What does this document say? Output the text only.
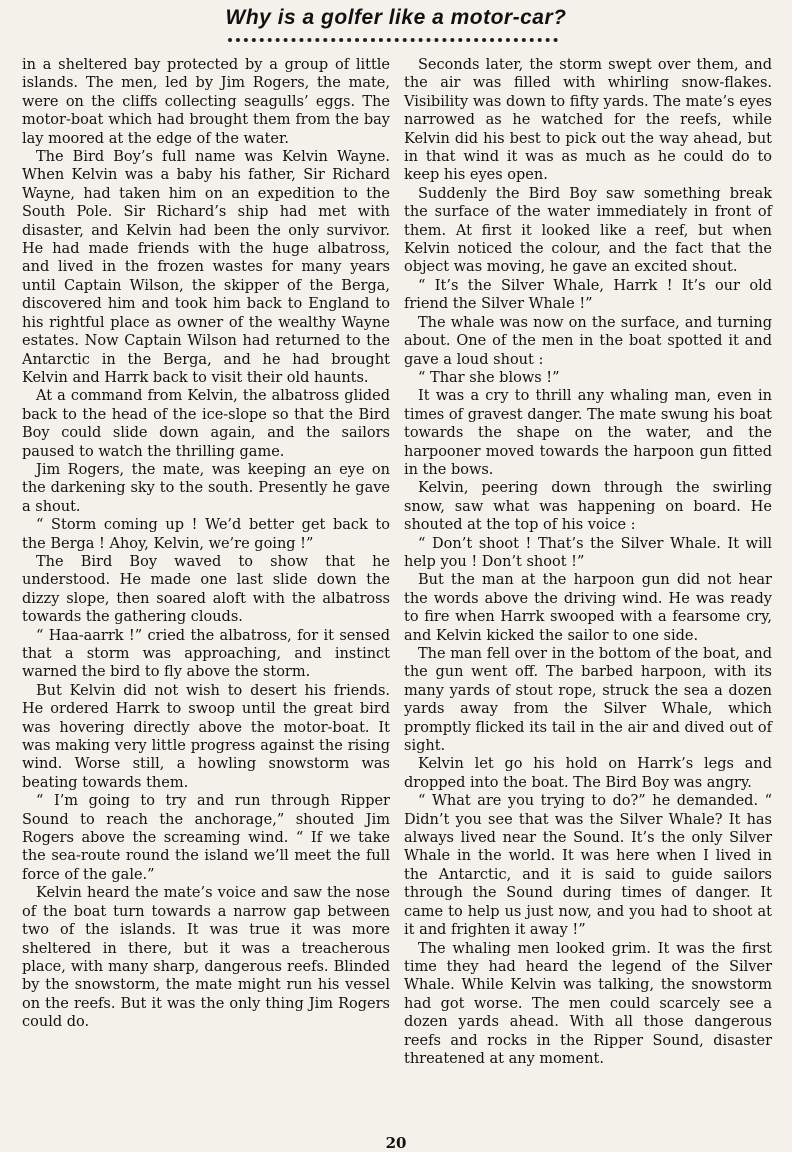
Why is a golfer like a motor-car?

in a sheltered bay protected by a group of little islands. The men, led by Jim Rogers, the mate, were on the cliffs collecting seagulls’ eggs. The motor-boat which had brought them from the bay lay moored at the edge of the water.

The Bird Boy’s full name was Kelvin Wayne. When Kelvin was a baby his father, Sir Richard Wayne, had taken him on an expedition to the South Pole. Sir Richard’s ship had met with disaster, and Kelvin had been the only survivor. He had made friends with the huge albatross, and lived in the frozen wastes for many years until Captain Wilson, the skipper of the Berga, discovered him and took him back to England to his rightful place as owner of the wealthy Wayne estates. Now Captain Wilson had returned to the Antarctic in the Berga, and he had brought Kelvin and Harrk back to visit their old haunts.

At a command from Kelvin, the albatross glided back to the head of the ice-slope so that the Bird Boy could slide down again, and the sailors paused to watch the thrilling game.

Jim Rogers, the mate, was keeping an eye on the darkening sky to the south. Presently he gave a shout.

“ Storm coming up ! We’d better get back to the Berga ! Ahoy, Kelvin, we’re going !”

The Bird Boy waved to show that he understood. He made one last slide down the dizzy slope, then soared aloft with the albatross towards the gathering clouds.

“ Haa-aarrk !” cried the albatross, for it sensed that a storm was approaching, and instinct warned the bird to fly above the storm.

But Kelvin did not wish to desert his friends. He ordered Harrk to swoop until the great bird was hovering directly above the motor-boat. It was making very little progress against the rising wind. Worse still, a howling snowstorm was beating towards them.

“ I’m going to try and run through Ripper Sound to reach the anchorage,” shouted Jim Rogers above the screaming wind. “ If we take the sea-route round the island we’ll meet the full force of the gale.”

Kelvin heard the mate’s voice and saw the nose of the boat turn towards a narrow gap between two of the islands. It was true it was more sheltered in there, but it was a treacherous place, with many sharp, dangerous reefs. Blinded by the snowstorm, the mate might run his vessel on the reefs. But it was the only thing Jim Rogers could do.

Seconds later, the storm swept over them, and the air was filled with whirling snow-flakes. Visibility was down to fifty yards. The mate’s eyes narrowed as he watched for the reefs, while Kelvin did his best to pick out the way ahead, but in that wind it was as much as he could do to keep his eyes open.

Suddenly the Bird Boy saw something break the surface of the water immediately in front of them. At first it looked like a reef, but when Kelvin noticed the colour, and the fact that the object was moving, he gave an excited shout.

“ It’s the Silver Whale, Harrk ! It’s our old friend the Silver Whale !”

The whale was now on the surface, and turning about. One of the men in the boat spotted it and gave a loud shout :

“ Thar she blows !”

It was a cry to thrill any whaling man, even in times of gravest danger. The mate swung his boat towards the shape on the water, and the harpooner moved towards the harpoon gun fitted in the bows.

Kelvin, peering down through the swirling snow, saw what was happening on board. He shouted at the top of his voice :

“ Don’t shoot ! That’s the Silver Whale. It will help you ! Don’t shoot !”

But the man at the harpoon gun did not hear the words above the driving wind. He was ready to fire when Harrk swooped with a fearsome cry, and Kelvin kicked the sailor to one side.

The man fell over in the bottom of the boat, and the gun went off. The barbed harpoon, with its many yards of stout rope, struck the sea a dozen yards away from the Silver Whale, which promptly flicked its tail in the air and dived out of sight.

Kelvin let go his hold on Harrk’s legs and dropped into the boat. The Bird Boy was angry.

“ What are you trying to do?” he demanded. “ Didn’t you see that was the Silver Whale? It has always lived near the Sound. It’s the only Silver Whale in the world. It was here when I lived in the Antarctic, and it is said to guide sailors through the Sound during times of danger. It came to help us just now, and you had to shoot at it and frighten it away !”

The whaling men looked grim. It was the first time they had heard the legend of the Silver Whale. While Kelvin was talking, the snowstorm had got worse. The men could scarcely see a dozen yards ahead. With all those dangerous reefs and rocks in the Ripper Sound, disaster threatened at any moment.

20
